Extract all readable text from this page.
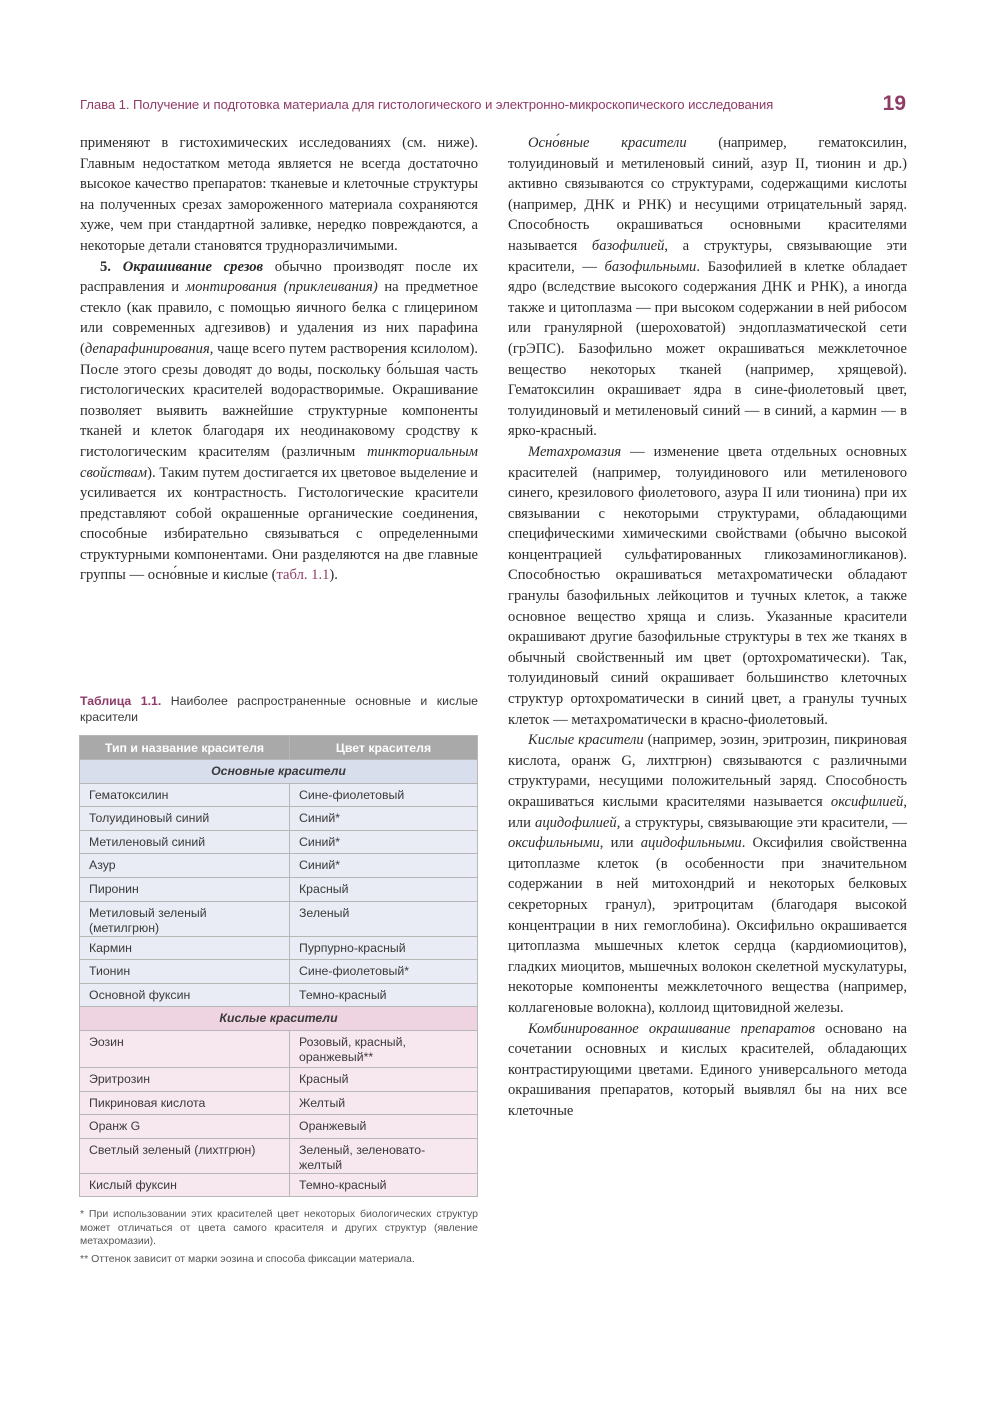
Глава 1. Получение и подготовка материала для гистологического и электронно-микроскопического исследования	19

применяют в гистохимических исследованиях (см. ниже). Главным недостатком метода является не всегда достаточно высокое качество препаратов: тканевые и клеточные структуры на полученных срезах замороженного материала сохраняются хуже, чем при стандартной заливке, нередко повреждаются, а некоторые детали становятся трудноразличимыми.

5. Окрашивание срезов обычно производят после их расправления и монтирования (приклеивания) на предметное стекло (как правило, с помощью яичного белка с глицерином или современных адгезивов) и удаления из них парафина (депарафинирования, чаще всего путем растворения ксилолом). После этого срезы доводят до воды, поскольку бо́льшая часть гистологических красителей водорастворимые. Окрашивание позволяет выявить важнейшие структурные компоненты тканей и клеток благодаря их неодинаковому сродству к гистологическим красителям (различным тинкториальным свойствам). Таким путем достигается их цветовое выделение и усиливается их контрастность. Гистологические красители представляют собой окрашенные органические соединения, способные избирательно связываться с определенными структурными компонентами. Они разделяются на две главные группы — осно́вные и кислые (табл. 1.1).

Таблица 1.1. Наиболее распространенные основные и кислые красители
Тип и название красителя	Цвет красителя
Основные красители	
Гематоксилин	Сине-фиолетовый
Толуидиновый синий	Синий*
Метиленовый синий	Синий*
Азур	Синий*
Пиронин	Красный
Метиловый зеленый (метилгрюн)	Зеленый
Кармин	Пурпурно-красный
Тионин	Сине-фиолетовый*
Основной фуксин	Темно-красный
Кислые красители	
Эозин	Розовый, красный, оранжевый**
Эритрозин	Красный
Пикриновая кислота	Желтый
Оранж G	Оранжевый
Светлый зеленый (лихтгрюн)	Зеленый, зеленовато-желтый
Кислый фуксин	Темно-красный

* При использовании этих красителей цвет некоторых биологических структур может отличаться от цвета самого красителя и других структур (явление метахромазии).

** Оттенок зависит от марки эозина и способа фиксации материала.

Осно́вные красители (например, гематоксилин, толуидиновый и метиленовый синий, азур II, тионин и др.) активно связываются со структурами, содержащими кислоты (например, ДНК и РНК) и несущими отрицательный заряд. Способность окрашиваться основными красителями называется базофилией, а структуры, связывающие эти красители, — базофильными. Базофилией в клетке обладает ядро (вследствие высокого содержания ДНК и РНК), а иногда также и цитоплазма — при высоком содержании в ней рибосом или гранулярной (шероховатой) эндоплазматической сети (грЭПС). Базофильно может окрашиваться межклеточное вещество некоторых тканей (например, хрящевой). Гематоксилин окрашивает ядра в сине-фиолетовый цвет, толуидиновый и метиленовый синий — в синий, а кармин — в ярко-красный.

Метахромазия — изменение цвета отдельных основных красителей (например, толуидинового или метиленового синего, крезилового фиолетового, азура II или тионина) при их связывании с некоторыми структурами, обладающими специфическими химическими свойствами (обычно высокой концентрацией сульфатированных гликозаминогликанов). Способностью окрашиваться метахроматически обладают гранулы базофильных лейкоцитов и тучных клеток, а также основное вещество хряща и слизь. Указанные красители окрашивают другие базофильные структуры в тех же тканях в обычный свойственный им цвет (ортохроматически). Так, толуидиновый синий окрашивает большинство клеточных структур ортохроматически в синий цвет, а гранулы тучных клеток — метахроматически в красно-фиолетовый.

Кислые красители (например, эозин, эритрозин, пикриновая кислота, оранж G, лихтгрюн) связываются с различными структурами, несущими положительный заряд. Способность окрашиваться кислыми красителями называется оксифилией, или ацидофилией, а структуры, связывающие эти красители, — оксифильными, или ацидофильными. Оксифилия свойственна цитоплазме клеток (в особенности при значительном содержании в ней митохондрий и некоторых белковых секреторных гранул), эритроцитам (благодаря высокой концентрации в них гемоглобина). Оксифильно окрашивается цитоплазма мышечных клеток сердца (кардиомиоцитов), гладких миоцитов, мышечных волокон скелетной мускулатуры, некоторые компоненты межклеточного вещества (например, коллагеновые волокна), коллоид щитовидной железы.

Комбинированное окрашивание препаратов основано на сочетании основных и кислых красителей, обладающих контрастирующими цветами. Единого универсального метода окрашивания препаратов, который выявлял бы на них все клеточные
